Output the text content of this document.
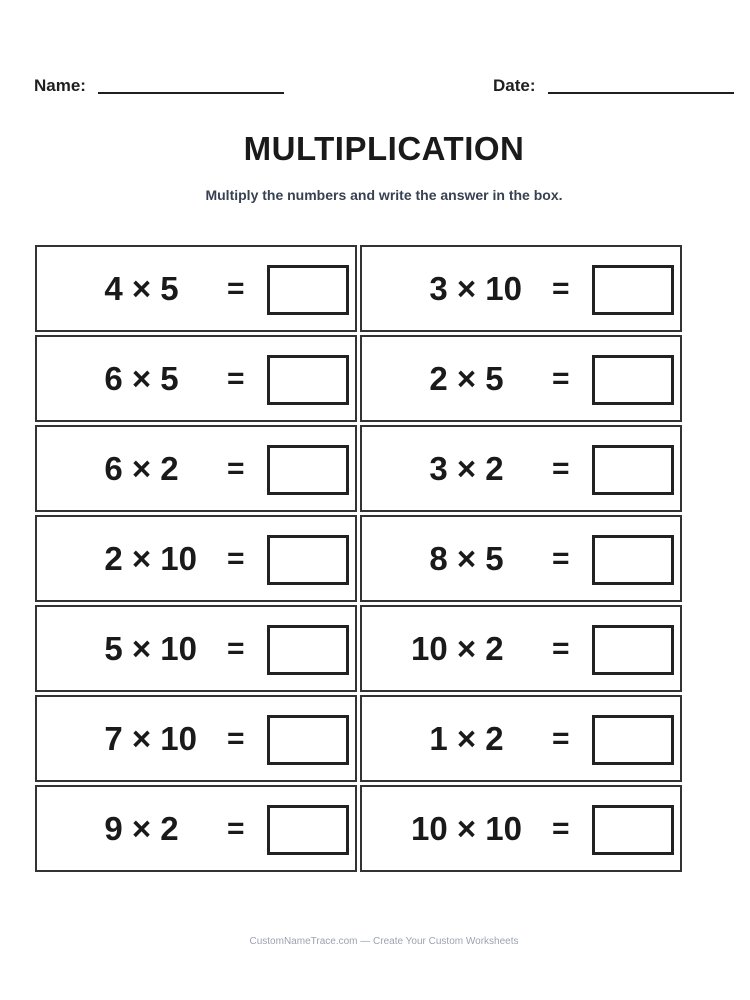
Name:	Date:
MULTIPLICATION
Multiply the numbers and write the answer in the box.
4 × 5 =	3 × 10 =
6 × 5 =	2 × 5 =
6 × 2 =	3 × 2 =
2 × 10 =	8 × 5 =
5 × 10 =	10 × 2 =
7 × 10 =	1 × 2 =
9 × 2 =	10 × 10 =
CustomNameTrace.com — Create Your Custom Worksheets
